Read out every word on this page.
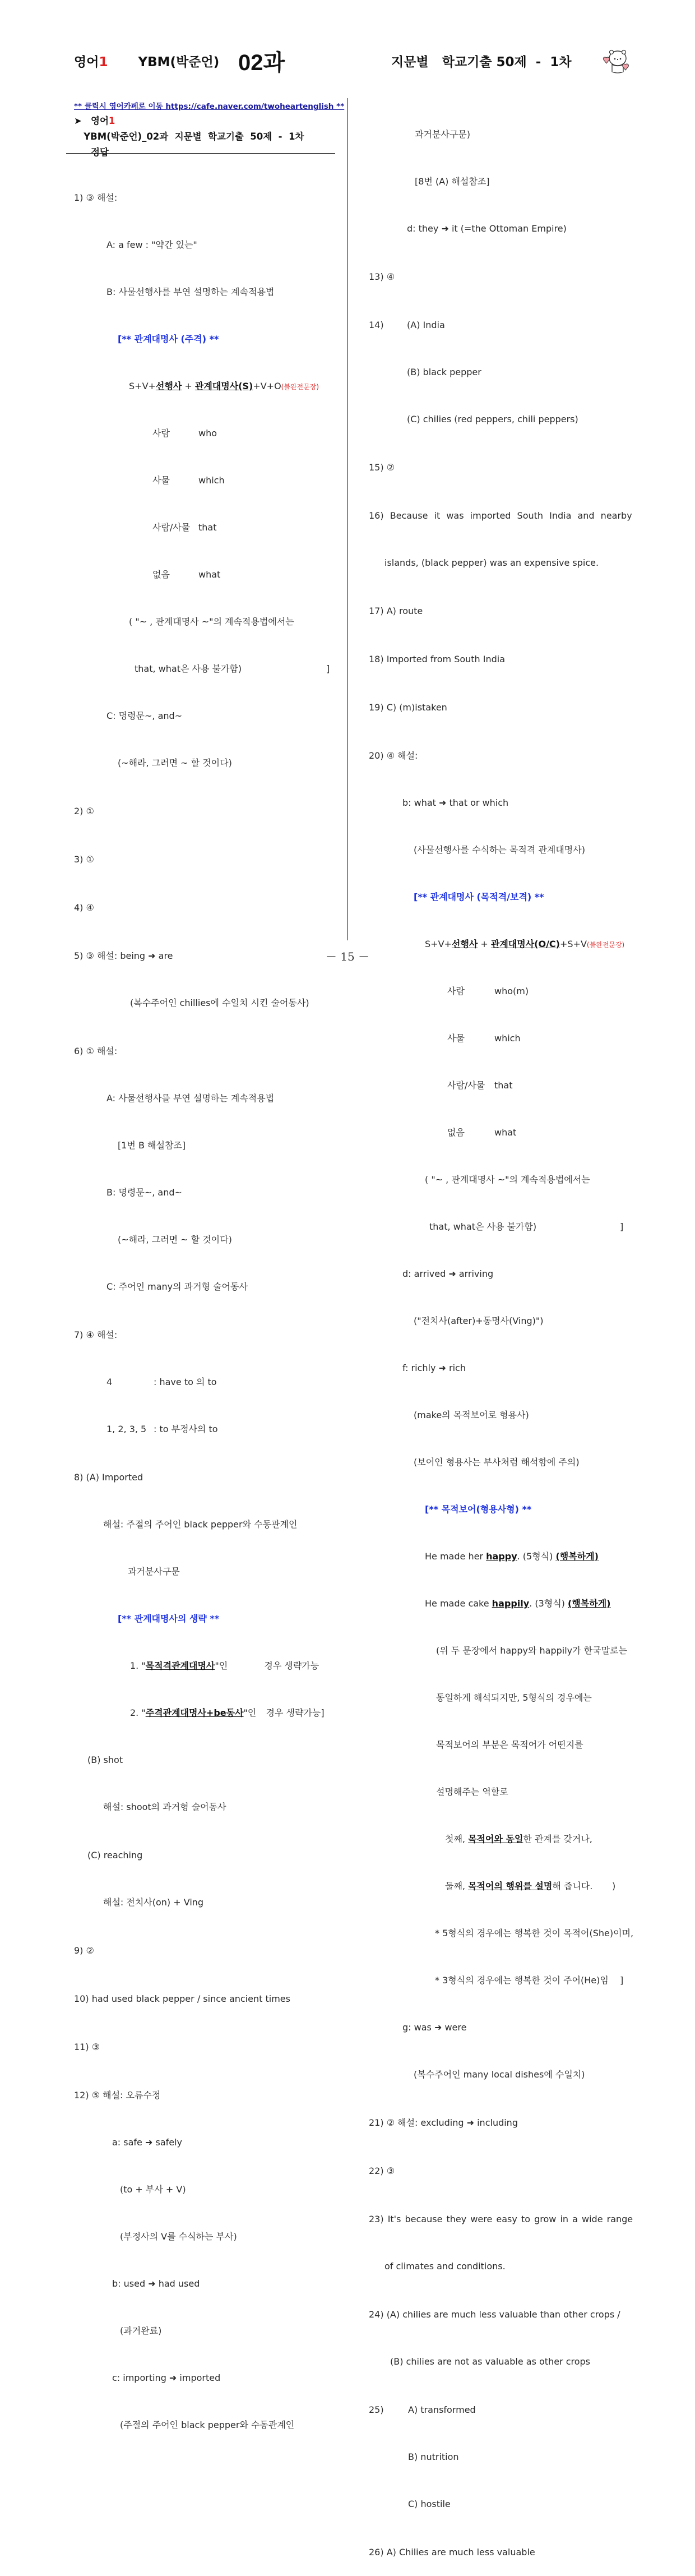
영어1 YBM(박준언) 02과	지문별   학교기출 50제  -  1차
** 클릭시 영어카페로 이동 https://cafe.naver.com/twoheartenglish **
➤ 영어1   YBM(박준언)_02과  지문별  학교기출  50제  -  1차
정답

1) ③ 해설:

A: a few : "약간 있는"

B: 사물선행사를 부연 설명하는 계속적용법

[** 관계대명사 (주격) **

S+V+선행사 + 관계대명사(S)+V+O(불완전문장)

사람	who

사물	which

사람/사물 that

없음	what

( "~ , 관계대명사 ~"의 계속적용법에서는

that, what은 사용 불가함)	]

C: 명령문~, and~

(~해라, 그러면 ~ 할 것이다)

2) ①

3) ①

4) ④

5) ③ 해설: being ➜ are

(복수주어인 chillies에 수일치 시킨 술어동사)

6) ① 해설:

A: 사물선행사를 부연 설명하는 계속적용법

[1번 B 해설참조]

B: 명령문~, and~

(~해라, 그러면 ~ 할 것이다)

C: 주어인 many의 과거형 술어동사

7) ④ 해설:

4	: have to 의 to

1, 2, 3, 5 : to 부정사의 to

8) (A) Imported

해설: 주절의 주어인 black pepper와 수동관계인

과거분사구문

[** 관계대명사의 생략 **

1. "목적격관계대명사"인	경우 생략가능

2. "주격관계대명사+be동사"인 경우 생략가능]

(B) shot

해설: shoot의 과거형 술어동사

(C) reaching

해설: 전치사(on) + Ving

9) ②

10) had used black pepper / since ancient times

11) ③

12) ⑤ 해설: 오류수정

a: safe ➜ safely

(to + 부사 + V)

(부정사의 V를 수식하는 부사)

b: used ➜ had used

(과거완료)

c: importing ➜ imported

(주절의 주어인 black pepper와 수동관계인

과거분사구문)

[8번 (A) 해설참조]

d: they ➜ it (=the Ottoman Empire)

13) ④

14)	(A) India

(B) black pepper

(C) chilies (red peppers, chili peppers)

15) ②

16) Because it was imported South India and nearby

islands, (black pepper) was an expensive spice.

17) A) route

18) Imported from South India

19) C) (m)istaken

20) ④ 해설:

b: what ➜ that or which

(사물선행사를 수식하는 목적격 관계대명사)

[** 관계대명사 (목적격/보격) **

S+V+선행사 + 관계대명사(O/C)+S+V(불완전문장)

사람	who(m)

사물	which

사람/사물 that

없음	what

( "~ , 관계대명사 ~"의 계속적용법에서는

that, what은 사용 불가함)	]

d: arrived ➜ arriving

("전치사(after)+동명사(Ving)")

f: richly ➜ rich

(make의 목적보어로 형용사)

(보어인 형용사는 부사처럼 해석함에 주의)

[** 목적보어(형용사형) **

He made her happy. (5형식) (행복하게)

He made cake happily. (3형식) (행복하게)

(위 두 문장에서 happy와 happily가 한국말로는

동일하게 해석되지만, 5형식의 경우에는

목적보어의 부분은 목적어가 어떤지를

설명해주는 역할로

첫째, 목적어와 동일한 관계를 갖거나,

둘째, 목적어의 행위를 설명해 줍니다. )

* 5형식의 경우에는 행복한 것이 목적어(She)이며,

* 3형식의 경우에는 행복한 것이 주어(He)임 ]

g: was ➜ were

(복수주어인 many local dishes에 수일치)

21) ② 해설: excluding ➜ including

22) ③

23) It's because they were easy to grow in a wide range

of climates and conditions.

24) (A) chilies are much less valuable than other crops /

(B) chilies are not as valuable as other crops

25)	A) transformed

B) nutrition

C) hostile

26) A) Chilies are much less valuable

－ 15 －
